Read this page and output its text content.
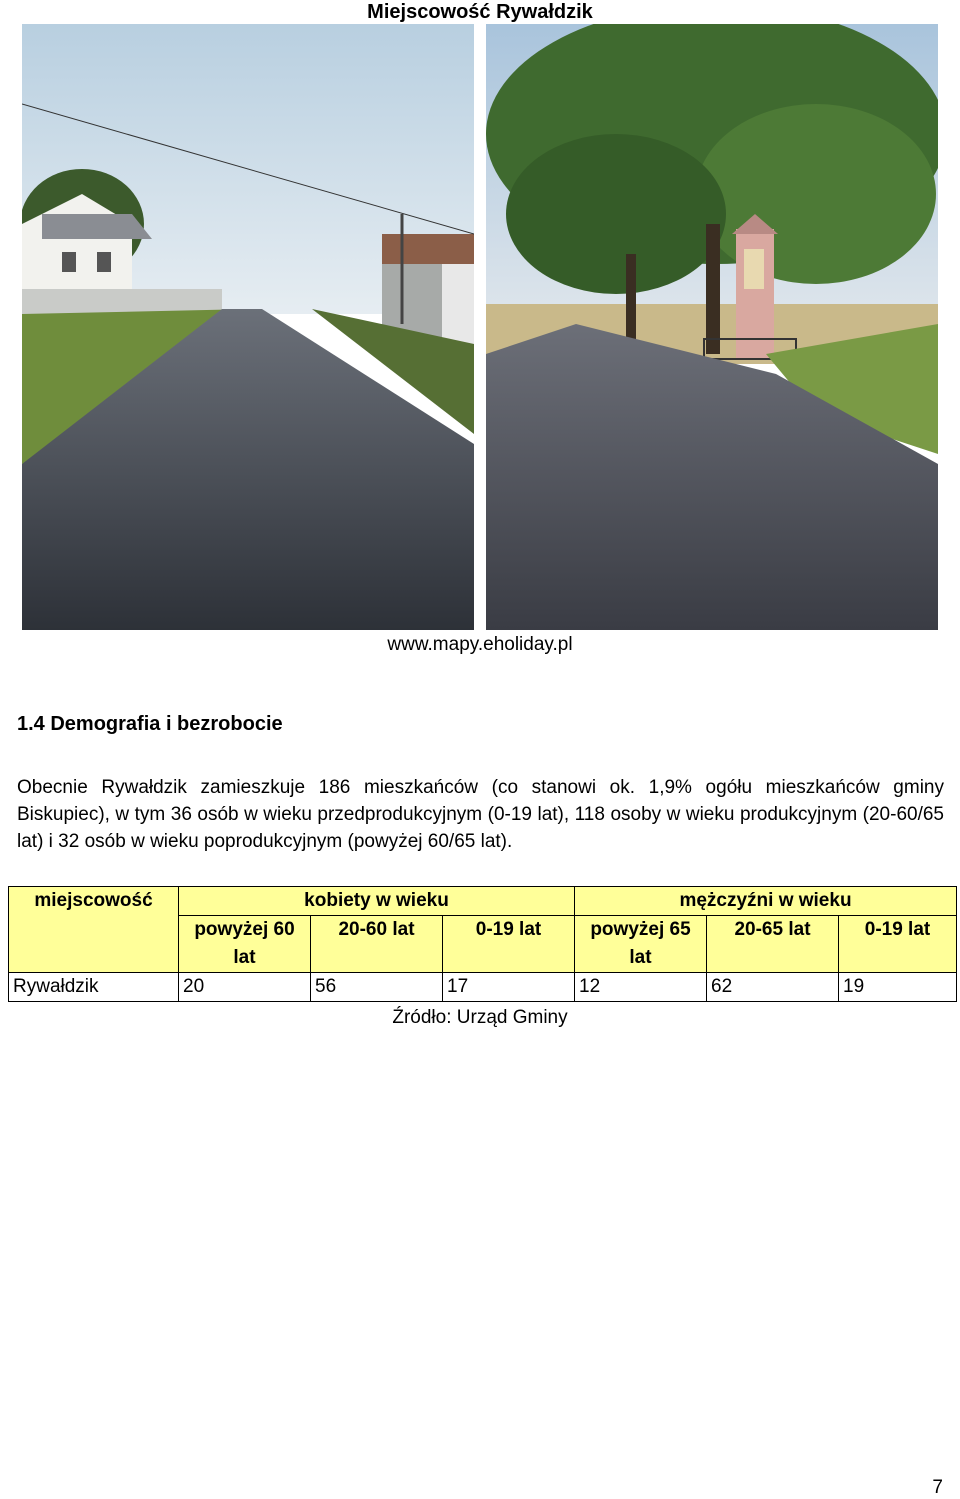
Miejscowość Rywałdzik
www.mapy.eholiday.pl
1.4 Demografia i bezrobocie

Obecnie Rywałdzik zamieszkuje 186 mieszkańców (co stanowi ok. 1,9% ogółu mieszkańców gminy Biskupiec), w tym 36 osób w wieku przedprodukcyjnym (0-19 lat), 118 osoby w wieku produkcyjnym (20-60/65 lat) i 32 osób w wieku poprodukcyjnym (powyżej 60/65 lat).

miejscowość	kobiety w wieku			mężczyźni w wieku		
	powyżej 60 lat	20-60 lat	0-19 lat	powyżej 65 lat	20-65 lat	0-19 lat
Rywałdzik	20	56	17	12	62	19
Źródło: Urząd Gminy
7
